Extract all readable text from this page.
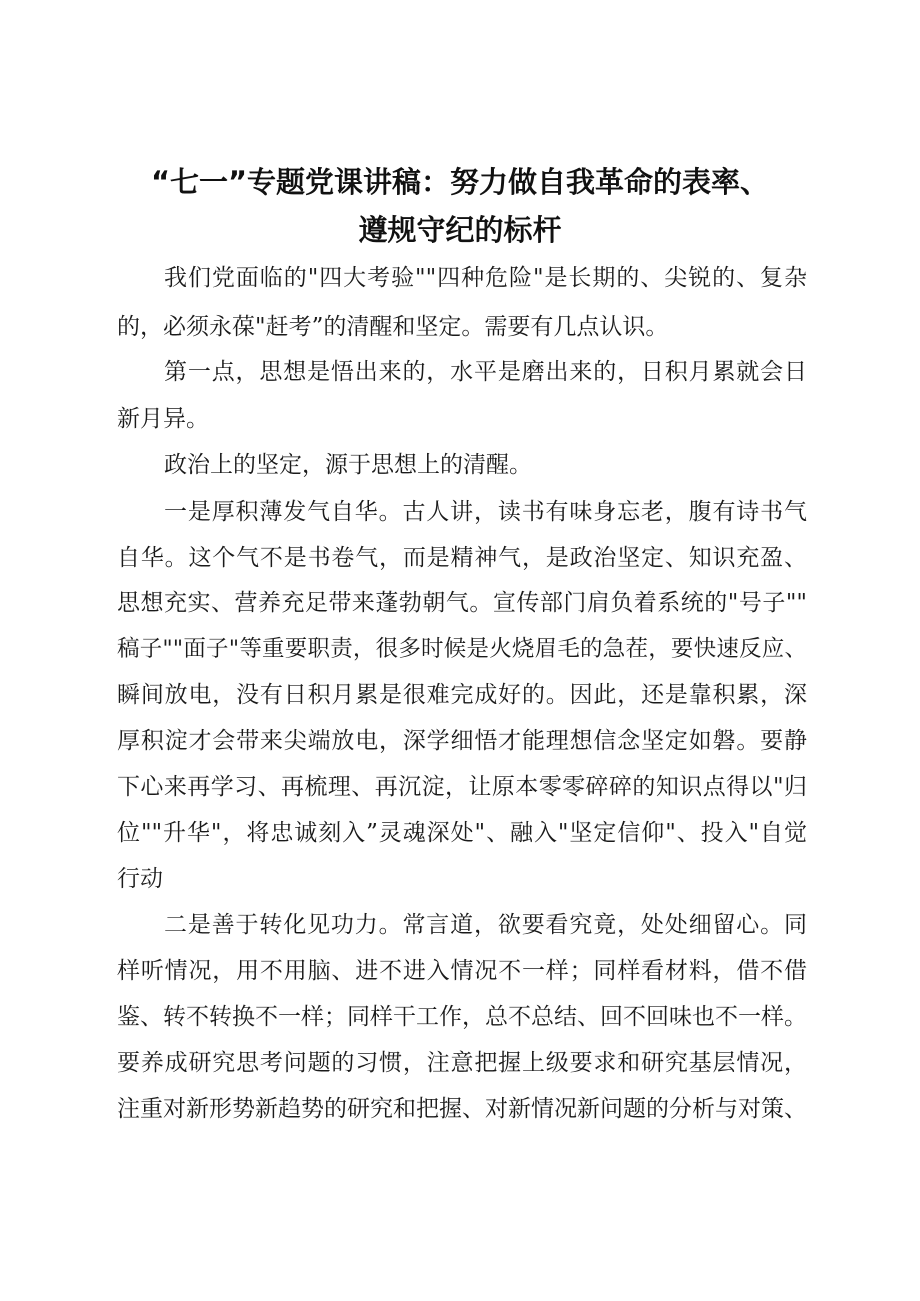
“七一”专题党课讲稿：努力做自我革命的表率、
遵规守纪的标杆

我们党面临的"四大考验""四种危险"是长期的、尖锐的、复杂

的，必须永葆"赶考”的清醒和坚定。需要有几点认识。

第一点，思想是悟出来的，水平是磨出来的，日积月累就会日

新月异。

政治上的坚定，源于思想上的清醒。

一是厚积薄发气自华。古人讲，读书有味身忘老，腹有诗书气

自华。这个气不是书卷气，而是精神气，是政治坚定、知识充盈、

思想充实、营养充足带来蓬勃朝气。宣传部门肩负着系统的"号子""

稿子""面子"等重要职责，很多时候是火烧眉毛的急茬，要快速反应、

瞬间放电，没有日积月累是很难完成好的。因此，还是靠积累，深

厚积淀才会带来尖端放电，深学细悟才能理想信念坚定如磐。要静

下心来再学习、再梳理、再沉淀，让原本零零碎碎的知识点得以"归

位""升华"，将忠诚刻入”灵魂深处"、融入"坚定信仰"、投入"自觉

行动

二是善于转化见功力。常言道，欲要看究竟，处处细留心。同

样听情况，用不用脑、进不进入情况不一样；同样看材料，借不借

鉴、转不转换不一样；同样干工作，总不总结、回不回味也不一样。

要养成研究思考问题的习惯，注意把握上级要求和研究基层情况，

注重对新形势新趋势的研究和把握、对新情况新问题的分析与对策、
